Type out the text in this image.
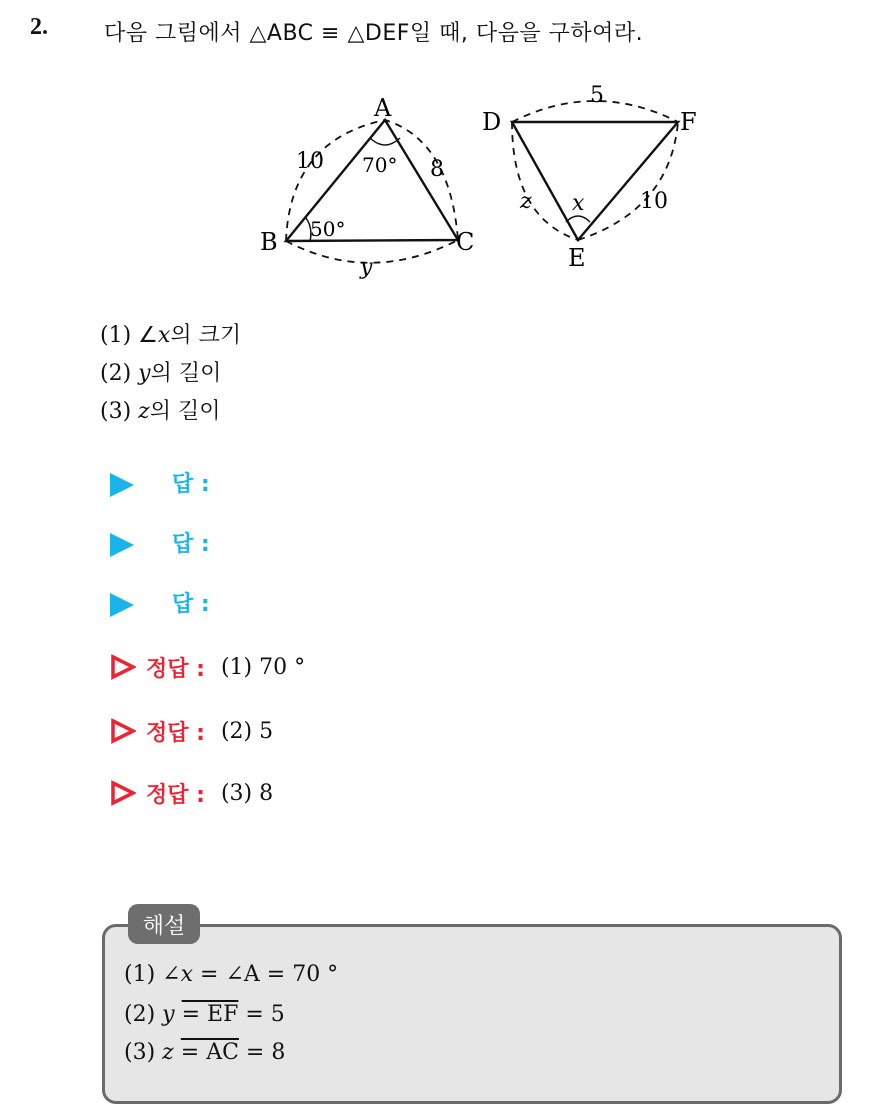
2.	다음 그림에서 △ABC ≡ △DEF일 때, 다음을 구하여라.
A
B	C
10	8
y
70°
50°
D
E
F
5
10
z x
(1) ∠x의 크기
(2) y의 길이
(3) z의 길이
답 :
답 :
답 :
정답 : (1) 70 °
정답 : (2) 5
정답 : (3) 8
해설
(1) ∠x = ∠A = 70 °
(2) y = EF = 5
(3) z = AC = 8
